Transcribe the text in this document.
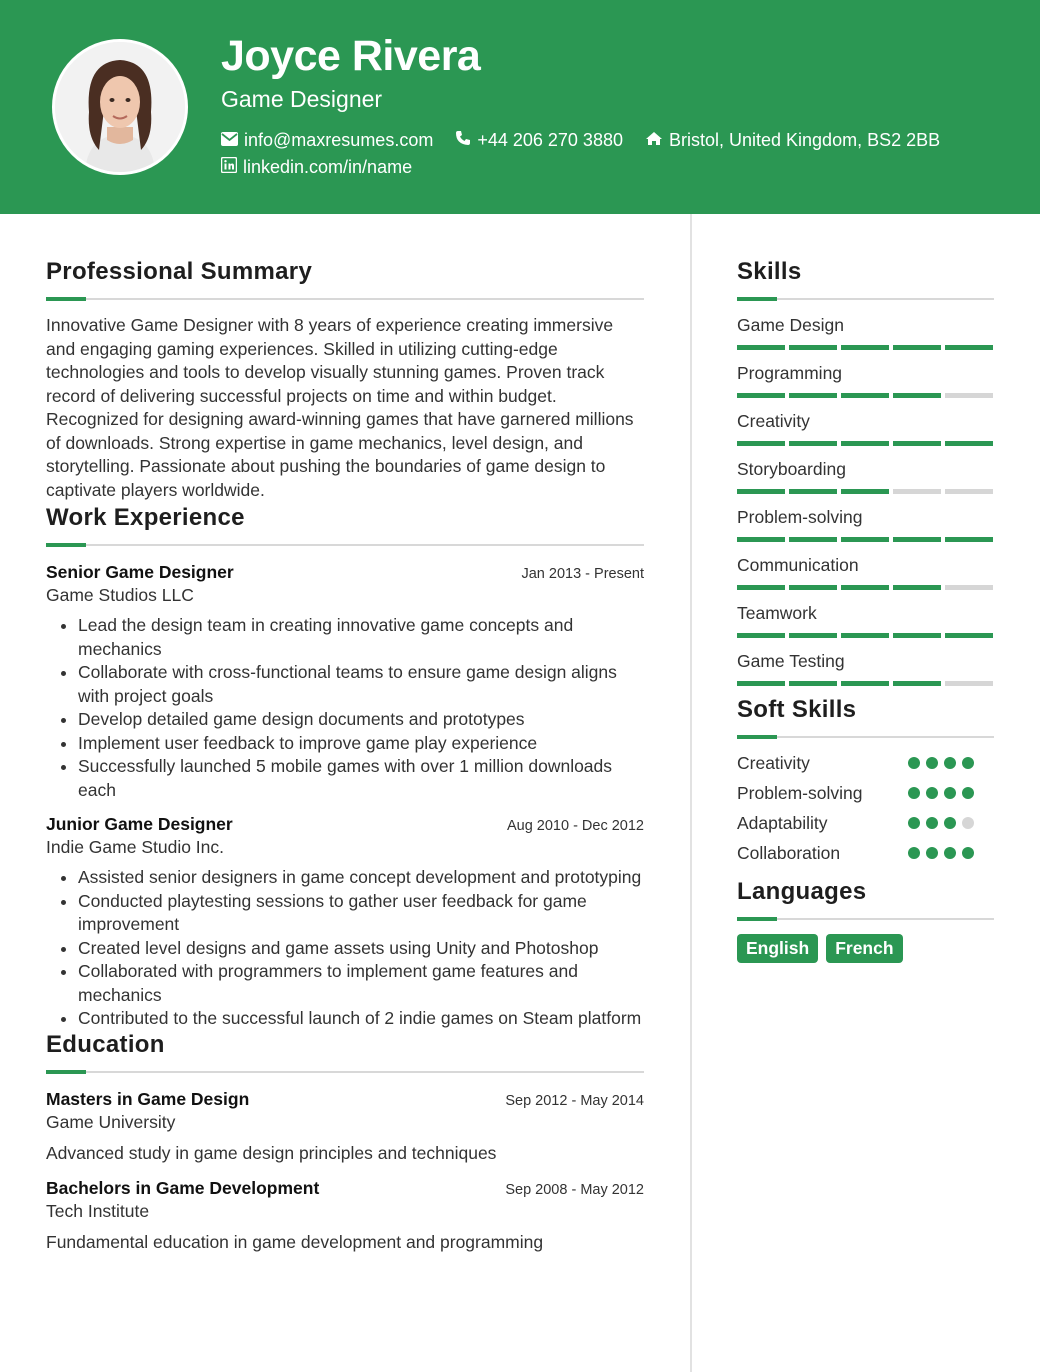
Joyce Rivera
Game Designer
info@maxresumes.com +44 206 270 3880	Bristol, United Kingdom, BS2 2BB
linkedin.com/in/name
Professional Summary

Innovative Game Designer with 8 years of experience creating immersive and engaging gaming experiences. Skilled in utilizing cutting-edge technologies and tools to develop visually stunning games. Proven track record of delivering successful projects on time and within budget. Recognized for designing award-winning games that have garnered millions of downloads. Strong expertise in game mechanics, level design, and storytelling. Passionate about pushing the boundaries of game design to captivate players worldwide.

Work Experience
Senior Game Designer	Jan 2013 - Present
Game Studios LLC
• Lead the design team in creating innovative game concepts and mechanics
• Collaborate with cross-functional teams to ensure game design aligns with project goals
• Develop detailed game design documents and prototypes
• Implement user feedback to improve game play experience
• Successfully launched 5 mobile games with over 1 million downloads each
Junior Game Designer	Aug 2010 - Dec 2012
Indie Game Studio Inc.
• Assisted senior designers in game concept development and prototyping
• Conducted playtesting sessions to gather user feedback for game improvement
• Created level designs and game assets using Unity and Photoshop
• Collaborated with programmers to implement game features and mechanics
• Contributed to the successful launch of 2 indie games on Steam platform
Education
Masters in Game Design	Sep 2012 - May 2014
Game University
Advanced study in game design principles and techniques
Bachelors in Game Development	Sep 2008 - May 2012
Tech Institute
Fundamental education in game development and programming
Skills
Game Design
Programming
Creativity
Storyboarding
Problem-solving
Communication
Teamwork
Game Testing
Soft Skills
Creativity
Problem-solving
Adaptability
Collaboration
Languages
English	French
